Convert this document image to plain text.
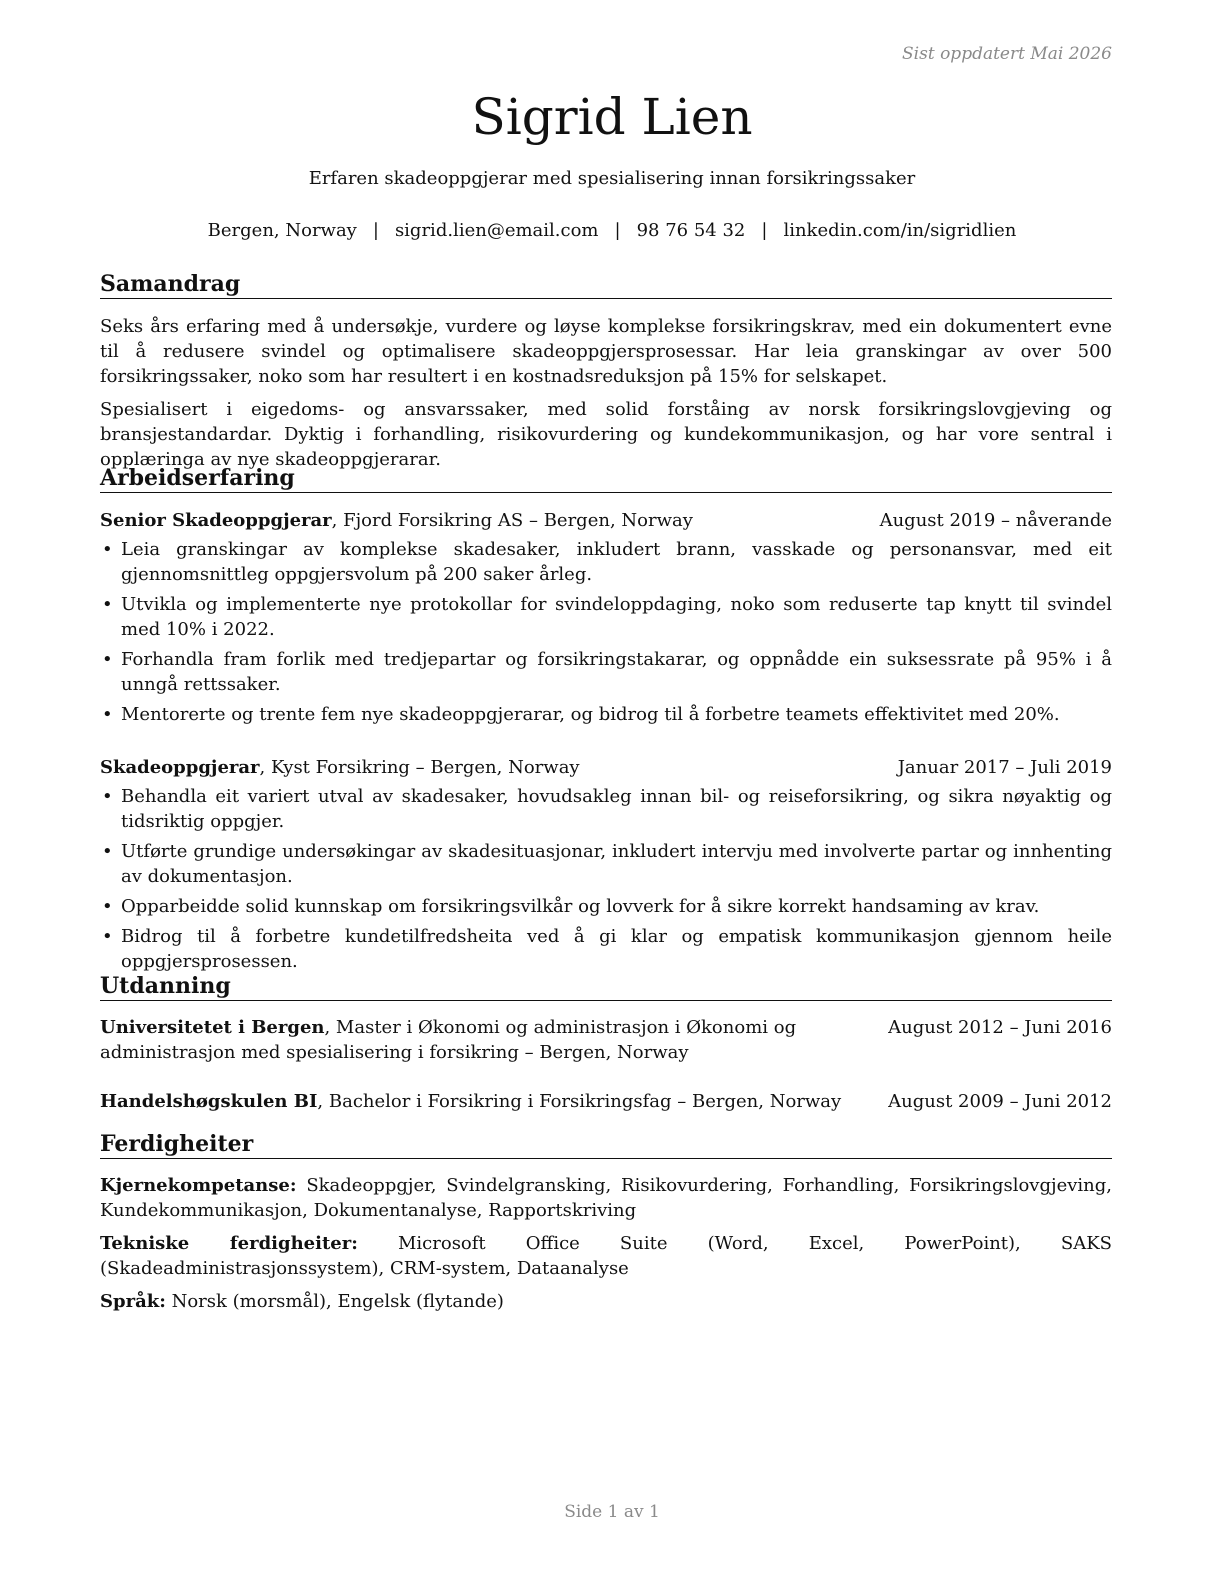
Sist oppdatert Mai 2026
Sigrid Lien
Erfaren skadeoppgjerar med spesialisering innan forsikringssaker
Bergen, Norway | sigrid.lien@email.com | 98 76 54 32 | linkedin.com/in/sigridlien
Samandrag

Seks års erfaring med å undersøkje, vurdere og løyse komplekse forsikringskrav, med ein dokumentert evne til å redusere svindel og optimalisere skadeoppgjersprosessar. Har leia granskingar av over 500 forsikringssaker, noko som har resultert i en kostnadsreduksjon på 15% for selskapet.

Spesialisert i eigedoms- og ansvarssaker, med solid forståing av norsk forsikringslovgjeving og bransjestandardar. Dyktig i forhandling, risikovurdering og kundekommunikasjon, og har vore sentral i opplæringa av nye skadeoppgjerarar.

Arbeidserfaring
Senior Skadeoppgjerar, Fjord Forsikring AS – Bergen, Norway	August 2019 – nåverande
• Leia granskingar av komplekse skadesaker, inkludert brann, vasskade og personansvar, med eit gjennomsnittleg oppgjersvolum på 200 saker årleg.
• Utvikla og implementerte nye protokollar for svindeloppdaging, noko som reduserte tap knytt til svindel med 10% i 2022.
• Forhandla fram forlik med tredjepartar og forsikringstakarar, og oppnådde ein suksessrate på 95% i å unngå rettssaker.
• Mentorerte og trente fem nye skadeoppgjerarar, og bidrog til å forbetre teamets effektivitet med 20%.
Skadeoppgjerar, Kyst Forsikring – Bergen, Norway	Januar 2017 – Juli 2019
• Behandla eit variert utval av skadesaker, hovudsakleg innan bil- og reiseforsikring, og sikra nøyaktig og tidsriktig oppgjer.
• Utførte grundige undersøkingar av skadesituasjonar, inkludert intervju med involverte partar og innhenting av dokumentasjon.
• Opparbeidde solid kunnskap om forsikringsvilkår og lovverk for å sikre korrekt handsaming av krav.
• Bidrog til å forbetre kundetilfredsheita ved å gi klar og empatisk kommunikasjon gjennom heile oppgjersprosessen.
Utdanning
Universitetet i Bergen, Master i Økonomi og administrasjon i Økonomi og administrasjon med spesialisering i forsikring – Bergen, Norway
August 2012 – Juni 2016
Handelshøgskulen BI, Bachelor i Forsikring i Forsikringsfag – Bergen, Norway	August 2009 – Juni 2012
Ferdigheiter
Kjernekompetanse: Skadeoppgjer, Svindelgransking, Risikovurdering, Forhandling, Forsikringslovgjeving, Kundekommunikasjon, Dokumentanalyse, Rapportskriving
Tekniske ferdigheiter: Microsoft Office Suite (Word, Excel, PowerPoint), SAKS (Skadeadministrasjonssystem), CRM-system, Dataanalyse
Språk: Norsk (morsmål), Engelsk (flytande)
Side 1 av 1
